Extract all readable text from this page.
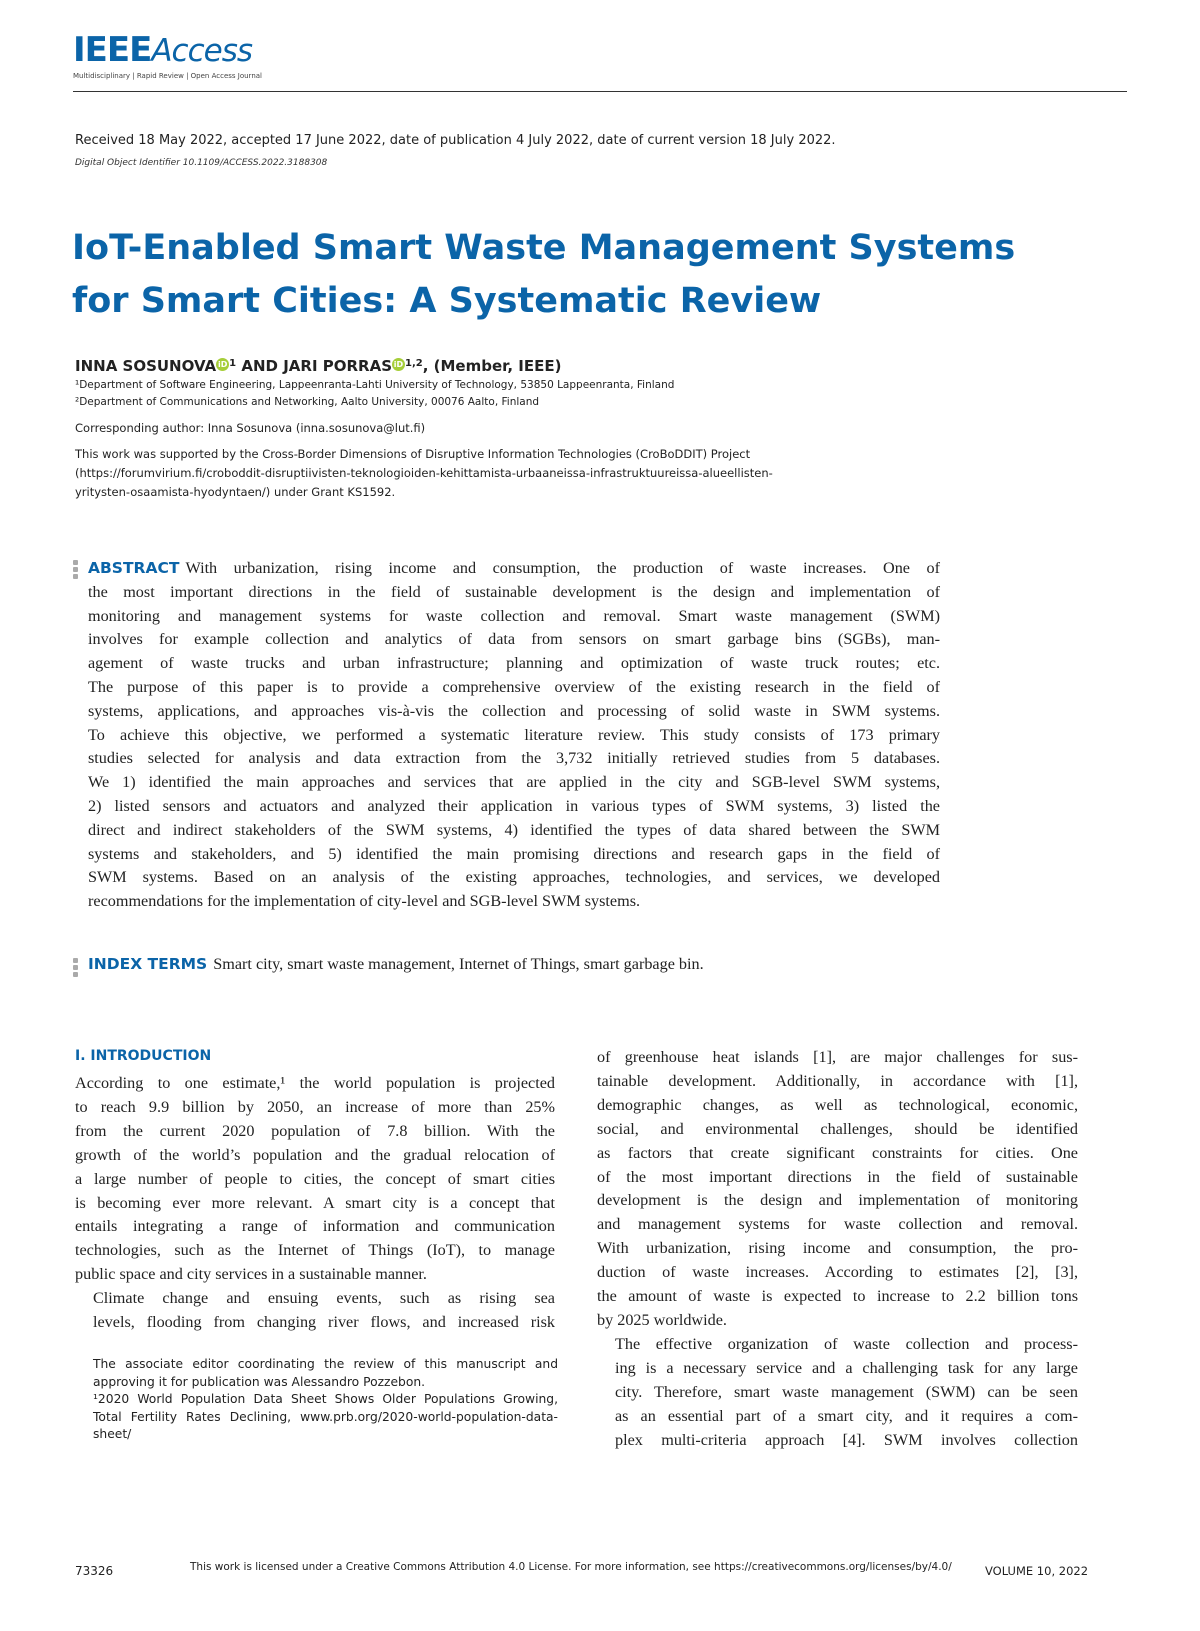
IEEEAccess
Multidisciplinary | Rapid Review | Open Access Journal
Received 18 May 2022, accepted 17 June 2022, date of publication 4 July 2022, date of current version 18 July 2022.
Digital Object Identifier 10.1109/ACCESS.2022.3188308
IoT-Enabled Smart Waste Management Systems
for Smart Cities: A Systematic Review
INNA SOSUNOVA iD $^1$ AND JARI PORRAS iD $^{1,2}$, (Member, IEEE)
¹Department of Software Engineering, Lappeenranta-Lahti University of Technology, 53850 Lappeenranta, Finland
²Department of Communications and Networking, Aalto University, 00076 Aalto, Finland
Corresponding author: Inna Sosunova (inna.sosunova@lut.fi)
This work was supported by the Cross-Border Dimensions of Disruptive Information Technologies (CroBoDDIT) Project
(https://forumvirium.fi/croboddit-disruptiivisten-teknologioiden-kehittamista-urbaaneissa-infrastruktuureissa-alueellisten-
yritysten-osaamista-hyodyntaen/) under Grant KS1592.
ABSTRACT With urbanization, rising income and consumption, the production of waste increases. One of
the most important directions in the field of sustainable development is the design and implementation of
monitoring and management systems for waste collection and removal. Smart waste management (SWM)
involves for example collection and analytics of data from sensors on smart garbage bins (SGBs), man-
agement of waste trucks and urban infrastructure; planning and optimization of waste truck routes; etc.
The purpose of this paper is to provide a comprehensive overview of the existing research in the field of
systems, applications, and approaches vis-à-vis the collection and processing of solid waste in SWM systems.
To achieve this objective, we performed a systematic literature review. This study consists of 173 primary
studies selected for analysis and data extraction from the 3,732 initially retrieved studies from 5 databases.
We 1) identified the main approaches and services that are applied in the city and SGB-level SWM systems,
2) listed sensors and actuators and analyzed their application in various types of SWM systems, 3) listed the
direct and indirect stakeholders of the SWM systems, 4) identified the types of data shared between the SWM
systems and stakeholders, and 5) identified the main promising directions and research gaps in the field of
SWM systems. Based on an analysis of the existing approaches, technologies, and services, we developed
recommendations for the implementation of city-level and SGB-level SWM systems.
INDEX TERMS Smart city, smart waste management, Internet of Things, smart garbage bin.
I. INTRODUCTION
According to one estimate,¹ the world population is projected
to reach 9.9 billion by 2050, an increase of more than 25%
from the current 2020 population of 7.8 billion. With the
growth of the world’s population and the gradual relocation of
a large number of people to cities, the concept of smart cities
is becoming ever more relevant. A smart city is a concept that
entails integrating a range of information and communication
technologies, such as the Internet of Things (IoT), to manage
public space and city services in a sustainable manner.
Climate change and ensuing events, such as rising sea
levels, flooding from changing river flows, and increased risk
The associate editor coordinating the review of this manuscript and
approving it for publication was Alessandro Pozzebon.
¹2020 World Population Data Sheet Shows Older Populations Growing,
Total Fertility Rates Declining, www.prb.org/2020-world-population-data-
sheet/
of greenhouse heat islands [1], are major challenges for sus-
tainable development. Additionally, in accordance with [1],
demographic changes, as well as technological, economic,
social, and environmental challenges, should be identified
as factors that create significant constraints for cities. One
of the most important directions in the field of sustainable
development is the design and implementation of monitoring
and management systems for waste collection and removal.
With urbanization, rising income and consumption, the pro-
duction of waste increases. According to estimates [2], [3],
the amount of waste is expected to increase to 2.2 billion tons
by 2025 worldwide.
The effective organization of waste collection and process-
ing is a necessary service and a challenging task for any large
city. Therefore, smart waste management (SWM) can be seen
as an essential part of a smart city, and it requires a com-
plex multi-criteria approach [4]. SWM involves collection
73326	This work is licensed under a Creative Commons Attribution 4.0 License. For more information, see https://creativecommons.org/licenses/by/4.0/	VOLUME 10, 2022
